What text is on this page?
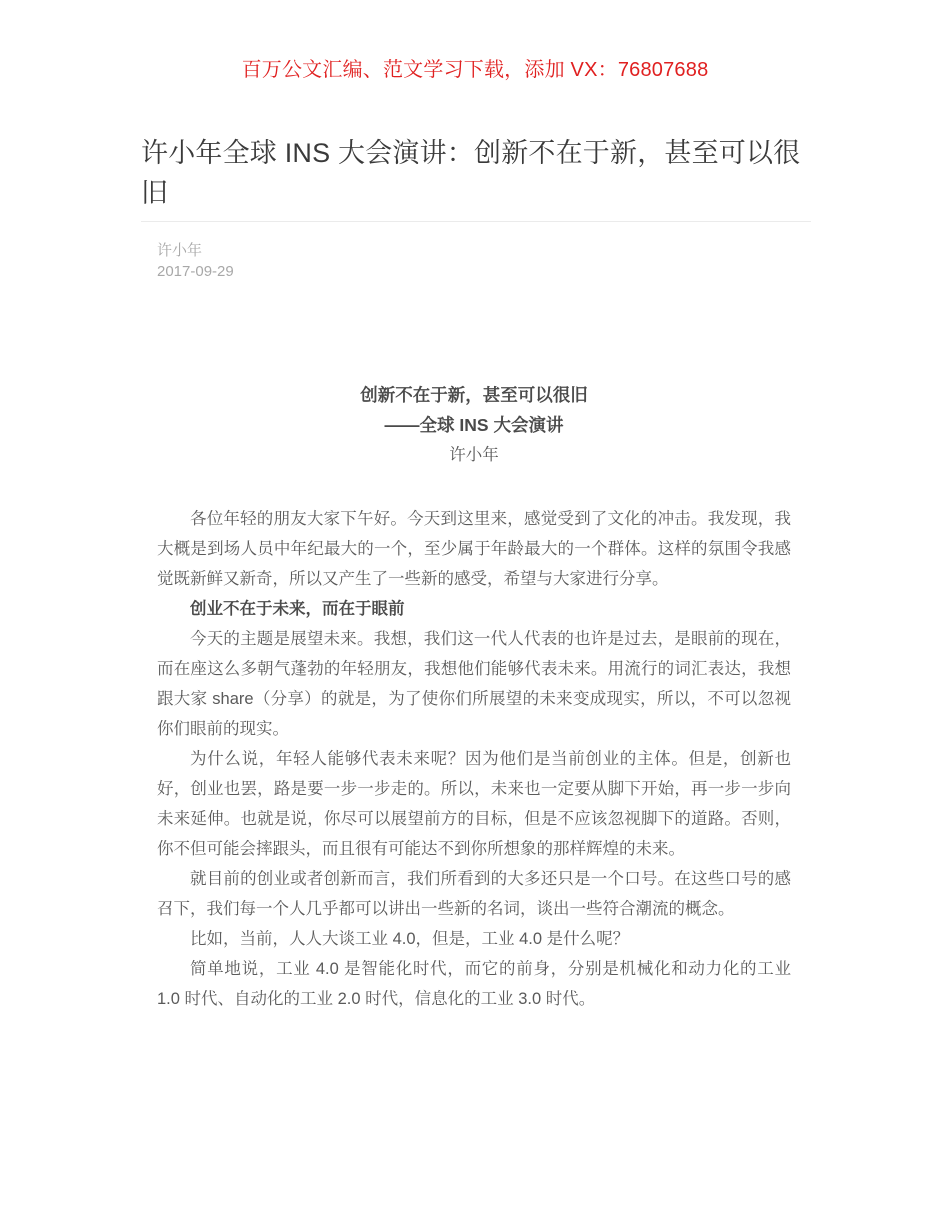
百万公文汇编、范文学习下载，添加 VX：76807688
许小年全球 INS 大会演讲：创新不在于新，甚至可以很旧
许小年
2017-09-29

创新不在于新，甚至可以很旧

——全球 INS 大会演讲

许小年

各位年轻的朋友大家下午好。今天到这里来，感觉受到了文化的冲击。我发现，我大概是到场人员中年纪最大的一个，至少属于年龄最大的一个群体。这样的氛围令我感觉既新鲜又新奇，所以又产生了一些新的感受，希望与大家进行分享。

创业不在于未来，而在于眼前

今天的主题是展望未来。我想，我们这一代人代表的也许是过去，是眼前的现在，而在座这么多朝气蓬勃的年轻朋友，我想他们能够代表未来。用流行的词汇表达，我想跟大家 share（分享）的就是，为了使你们所展望的未来变成现实，所以，不可以忽视你们眼前的现实。

为什么说，年轻人能够代表未来呢？因为他们是当前创业的主体。但是，创新也好，创业也罢，路是要一步一步走的。所以，未来也一定要从脚下开始，再一步一步向未来延伸。也就是说，你尽可以展望前方的目标，但是不应该忽视脚下的道路。否则，你不但可能会摔跟头，而且很有可能达不到你所想象的那样辉煌的未来。

就目前的创业或者创新而言，我们所看到的大多还只是一个口号。在这些口号的感召下，我们每一个人几乎都可以讲出一些新的名词，谈出一些符合潮流的概念。

比如，当前，人人大谈工业 4.0，但是，工业 4.0 是什么呢？

简单地说，工业 4.0 是智能化时代，而它的前身，分别是机械化和动力化的工业 1.0 时代、自动化的工业 2.0 时代，信息化的工业 3.0 时代。
